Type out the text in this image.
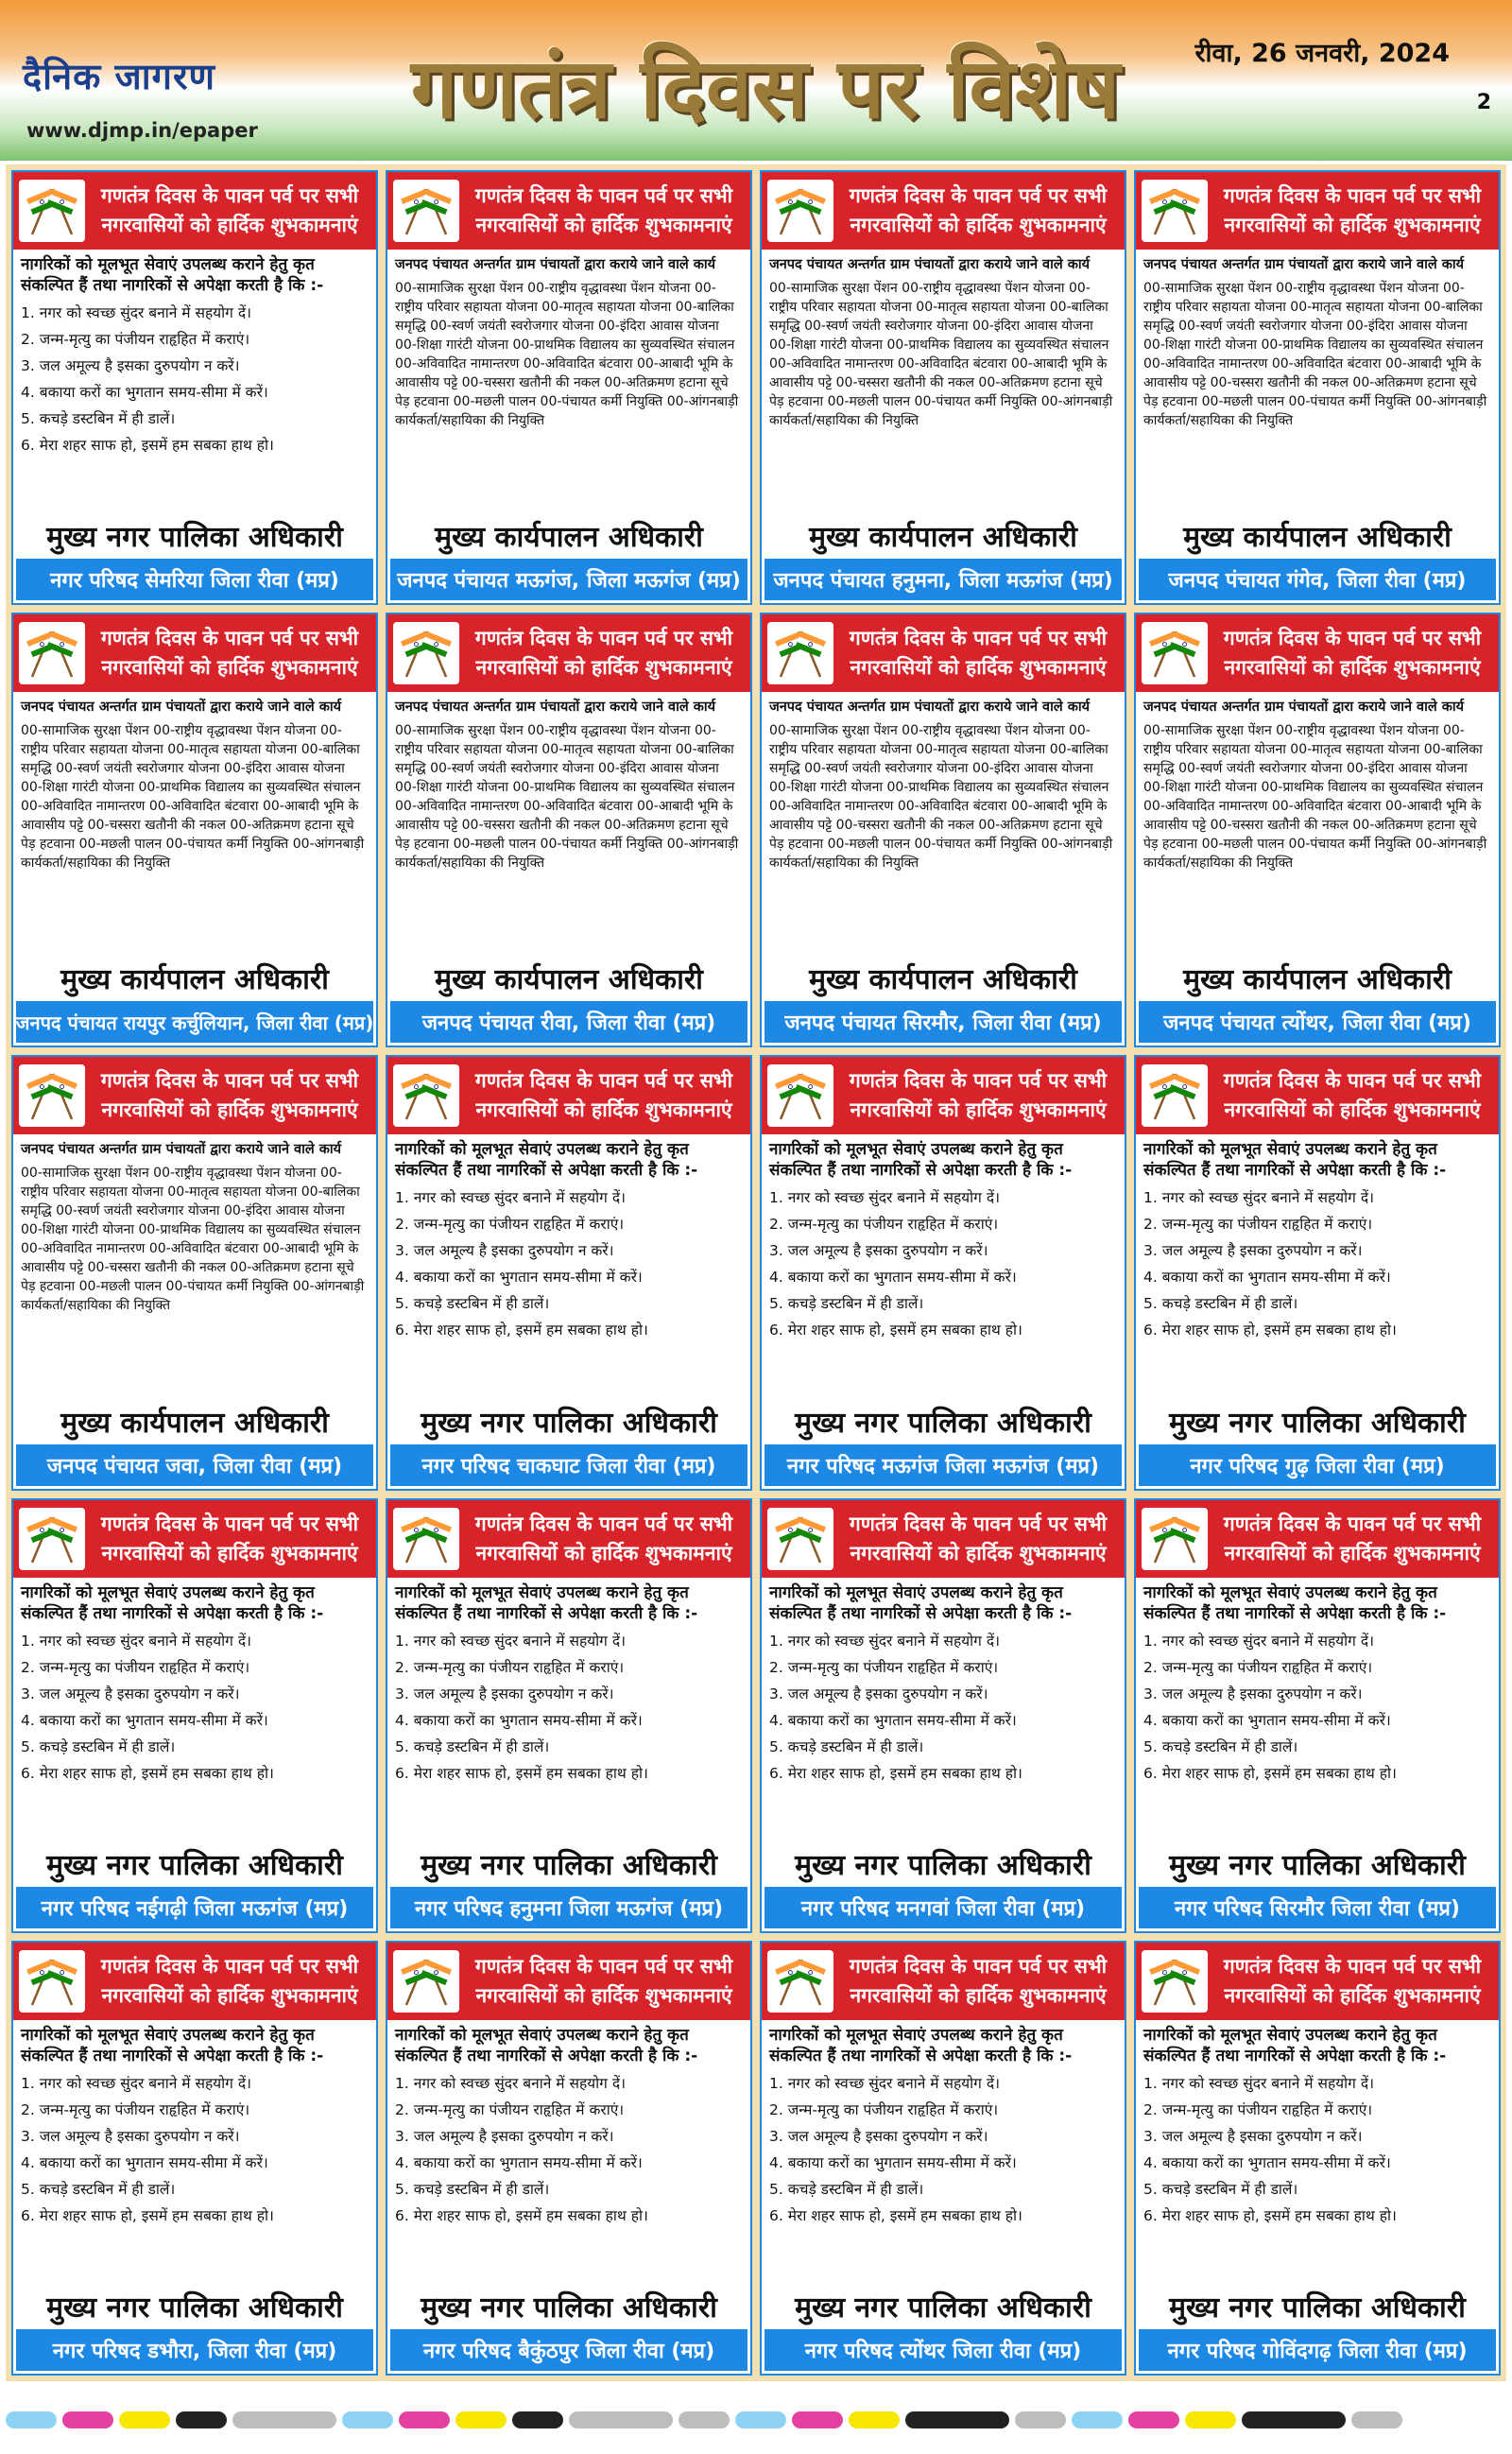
दैनिक जागरण
www.djmp.in/epaper	गणतंत्र दिवस पर विशेष	रीवा, 26 जनवरी, 2024
2
गणतंत्र दिवस के पावन पर्व पर सभी नगरवासियों को हार्दिक शुभकामनाएं

नागरिकों को मूलभूत सेवाएं उपलब्ध कराने हेतु कृत संकल्पित हैं तथा नागरिकों से अपेक्षा करती है कि :-

1. नगर को स्वच्छ सुंदर बनाने में सहयोग दें।
2. जन्म-मृत्यु का पंजीयन राहृहित में कराएं।
3. जल अमूल्य है इसका दुरुपयोग न करें।
4. बकाया करों का भुगतान समय-सीमा में करें।
5. कचड़े डस्टबिन में ही डालें।
6. मेरा शहर साफ हो, इसमें हम सबका हाथ हो।
मुख्य नगर पालिका अधिकारी
नगर परिषद सेमरिया जिला रीवा (मप्र)
गणतंत्र दिवस के पावन पर्व पर सभी नगरवासियों को हार्दिक शुभकामनाएं

जनपद पंचायत अन्तर्गत ग्राम पंचायतों द्वारा कराये जाने वाले कार्य

00-सामाजिक सुरक्षा पेंशन 00-राष्ट्रीय वृद्धावस्था पेंशन योजना 00-राष्ट्रीय परिवार सहायता योजना 00-मातृत्व सहायता योजना 00-बालिका समृद्धि 00-स्वर्ण जयंती स्वरोजगार योजना 00-इंदिरा आवास योजना 00-शिक्षा गारंटी योजना 00-प्राथमिक विद्यालय का सुव्यवस्थित संचालन 00-अविवादित नामान्तरण 00-अविवादित बंटवारा 00-आबादी भूमि के आवासीय पट्टे 00-चस्सरा खतौनी की नकल 00-अतिक्रमण हटाना सूचे पेड़ हटवाना 00-मछली पालन 00-पंचायत कर्मी नियुक्ति 00-आंगनबाड़ी कार्यकर्ता/सहायिका की नियुक्ति

मुख्य कार्यपालन अधिकारी
जनपद पंचायत मऊगंज, जिला मऊगंज (मप्र)
गणतंत्र दिवस के पावन पर्व पर सभी नगरवासियों को हार्दिक शुभकामनाएं

जनपद पंचायत अन्तर्गत ग्राम पंचायतों द्वारा कराये जाने वाले कार्य

00-सामाजिक सुरक्षा पेंशन 00-राष्ट्रीय वृद्धावस्था पेंशन योजना 00-राष्ट्रीय परिवार सहायता योजना 00-मातृत्व सहायता योजना 00-बालिका समृद्धि 00-स्वर्ण जयंती स्वरोजगार योजना 00-इंदिरा आवास योजना 00-शिक्षा गारंटी योजना 00-प्राथमिक विद्यालय का सुव्यवस्थित संचालन 00-अविवादित नामान्तरण 00-अविवादित बंटवारा 00-आबादी भूमि के आवासीय पट्टे 00-चस्सरा खतौनी की नकल 00-अतिक्रमण हटाना सूचे पेड़ हटवाना 00-मछली पालन 00-पंचायत कर्मी नियुक्ति 00-आंगनबाड़ी कार्यकर्ता/सहायिका की नियुक्ति

मुख्य कार्यपालन अधिकारी
जनपद पंचायत हनुमना, जिला मऊगंज (मप्र)
गणतंत्र दिवस के पावन पर्व पर सभी नगरवासियों को हार्दिक शुभकामनाएं

जनपद पंचायत अन्तर्गत ग्राम पंचायतों द्वारा कराये जाने वाले कार्य

00-सामाजिक सुरक्षा पेंशन 00-राष्ट्रीय वृद्धावस्था पेंशन योजना 00-राष्ट्रीय परिवार सहायता योजना 00-मातृत्व सहायता योजना 00-बालिका समृद्धि 00-स्वर्ण जयंती स्वरोजगार योजना 00-इंदिरा आवास योजना 00-शिक्षा गारंटी योजना 00-प्राथमिक विद्यालय का सुव्यवस्थित संचालन 00-अविवादित नामान्तरण 00-अविवादित बंटवारा 00-आबादी भूमि के आवासीय पट्टे 00-चस्सरा खतौनी की नकल 00-अतिक्रमण हटाना सूचे पेड़ हटवाना 00-मछली पालन 00-पंचायत कर्मी नियुक्ति 00-आंगनबाड़ी कार्यकर्ता/सहायिका की नियुक्ति

मुख्य कार्यपालन अधिकारी
जनपद पंचायत गंगेव, जिला रीवा (मप्र)
गणतंत्र दिवस के पावन पर्व पर सभी नगरवासियों को हार्दिक शुभकामनाएं

जनपद पंचायत अन्तर्गत ग्राम पंचायतों द्वारा कराये जाने वाले कार्य

00-सामाजिक सुरक्षा पेंशन 00-राष्ट्रीय वृद्धावस्था पेंशन योजना 00-राष्ट्रीय परिवार सहायता योजना 00-मातृत्व सहायता योजना 00-बालिका समृद्धि 00-स्वर्ण जयंती स्वरोजगार योजना 00-इंदिरा आवास योजना 00-शिक्षा गारंटी योजना 00-प्राथमिक विद्यालय का सुव्यवस्थित संचालन 00-अविवादित नामान्तरण 00-अविवादित बंटवारा 00-आबादी भूमि के आवासीय पट्टे 00-चस्सरा खतौनी की नकल 00-अतिक्रमण हटाना सूचे पेड़ हटवाना 00-मछली पालन 00-पंचायत कर्मी नियुक्ति 00-आंगनबाड़ी कार्यकर्ता/सहायिका की नियुक्ति

मुख्य कार्यपालन अधिकारी
जनपद पंचायत रायपुर कर्चुलियान, जिला रीवा (मप्र)
गणतंत्र दिवस के पावन पर्व पर सभी नगरवासियों को हार्दिक शुभकामनाएं

जनपद पंचायत अन्तर्गत ग्राम पंचायतों द्वारा कराये जाने वाले कार्य

00-सामाजिक सुरक्षा पेंशन 00-राष्ट्रीय वृद्धावस्था पेंशन योजना 00-राष्ट्रीय परिवार सहायता योजना 00-मातृत्व सहायता योजना 00-बालिका समृद्धि 00-स्वर्ण जयंती स्वरोजगार योजना 00-इंदिरा आवास योजना 00-शिक्षा गारंटी योजना 00-प्राथमिक विद्यालय का सुव्यवस्थित संचालन 00-अविवादित नामान्तरण 00-अविवादित बंटवारा 00-आबादी भूमि के आवासीय पट्टे 00-चस्सरा खतौनी की नकल 00-अतिक्रमण हटाना सूचे पेड़ हटवाना 00-मछली पालन 00-पंचायत कर्मी नियुक्ति 00-आंगनबाड़ी कार्यकर्ता/सहायिका की नियुक्ति

मुख्य कार्यपालन अधिकारी
जनपद पंचायत रीवा, जिला रीवा (मप्र)
गणतंत्र दिवस के पावन पर्व पर सभी नगरवासियों को हार्दिक शुभकामनाएं

जनपद पंचायत अन्तर्गत ग्राम पंचायतों द्वारा कराये जाने वाले कार्य

00-सामाजिक सुरक्षा पेंशन 00-राष्ट्रीय वृद्धावस्था पेंशन योजना 00-राष्ट्रीय परिवार सहायता योजना 00-मातृत्व सहायता योजना 00-बालिका समृद्धि 00-स्वर्ण जयंती स्वरोजगार योजना 00-इंदिरा आवास योजना 00-शिक्षा गारंटी योजना 00-प्राथमिक विद्यालय का सुव्यवस्थित संचालन 00-अविवादित नामान्तरण 00-अविवादित बंटवारा 00-आबादी भूमि के आवासीय पट्टे 00-चस्सरा खतौनी की नकल 00-अतिक्रमण हटाना सूचे पेड़ हटवाना 00-मछली पालन 00-पंचायत कर्मी नियुक्ति 00-आंगनबाड़ी कार्यकर्ता/सहायिका की नियुक्ति

मुख्य कार्यपालन अधिकारी
जनपद पंचायत सिरमौर, जिला रीवा (मप्र)
गणतंत्र दिवस के पावन पर्व पर सभी नगरवासियों को हार्दिक शुभकामनाएं

जनपद पंचायत अन्तर्गत ग्राम पंचायतों द्वारा कराये जाने वाले कार्य

00-सामाजिक सुरक्षा पेंशन 00-राष्ट्रीय वृद्धावस्था पेंशन योजना 00-राष्ट्रीय परिवार सहायता योजना 00-मातृत्व सहायता योजना 00-बालिका समृद्धि 00-स्वर्ण जयंती स्वरोजगार योजना 00-इंदिरा आवास योजना 00-शिक्षा गारंटी योजना 00-प्राथमिक विद्यालय का सुव्यवस्थित संचालन 00-अविवादित नामान्तरण 00-अविवादित बंटवारा 00-आबादी भूमि के आवासीय पट्टे 00-चस्सरा खतौनी की नकल 00-अतिक्रमण हटाना सूचे पेड़ हटवाना 00-मछली पालन 00-पंचायत कर्मी नियुक्ति 00-आंगनबाड़ी कार्यकर्ता/सहायिका की नियुक्ति

मुख्य कार्यपालन अधिकारी
जनपद पंचायत त्योंथर, जिला रीवा (मप्र)
गणतंत्र दिवस के पावन पर्व पर सभी नगरवासियों को हार्दिक शुभकामनाएं

जनपद पंचायत अन्तर्गत ग्राम पंचायतों द्वारा कराये जाने वाले कार्य

00-सामाजिक सुरक्षा पेंशन 00-राष्ट्रीय वृद्धावस्था पेंशन योजना 00-राष्ट्रीय परिवार सहायता योजना 00-मातृत्व सहायता योजना 00-बालिका समृद्धि 00-स्वर्ण जयंती स्वरोजगार योजना 00-इंदिरा आवास योजना 00-शिक्षा गारंटी योजना 00-प्राथमिक विद्यालय का सुव्यवस्थित संचालन 00-अविवादित नामान्तरण 00-अविवादित बंटवारा 00-आबादी भूमि के आवासीय पट्टे 00-चस्सरा खतौनी की नकल 00-अतिक्रमण हटाना सूचे पेड़ हटवाना 00-मछली पालन 00-पंचायत कर्मी नियुक्ति 00-आंगनबाड़ी कार्यकर्ता/सहायिका की नियुक्ति

मुख्य कार्यपालन अधिकारी
जनपद पंचायत जवा, जिला रीवा (मप्र)
गणतंत्र दिवस के पावन पर्व पर सभी नगरवासियों को हार्दिक शुभकामनाएं

नागरिकों को मूलभूत सेवाएं उपलब्ध कराने हेतु कृत संकल्पित हैं तथा नागरिकों से अपेक्षा करती है कि :-

1. नगर को स्वच्छ सुंदर बनाने में सहयोग दें।
2. जन्म-मृत्यु का पंजीयन राहृहित में कराएं।
3. जल अमूल्य है इसका दुरुपयोग न करें।
4. बकाया करों का भुगतान समय-सीमा में करें।
5. कचड़े डस्टबिन में ही डालें।
6. मेरा शहर साफ हो, इसमें हम सबका हाथ हो।
मुख्य नगर पालिका अधिकारी
नगर परिषद चाकघाट जिला रीवा (मप्र)
गणतंत्र दिवस के पावन पर्व पर सभी नगरवासियों को हार्दिक शुभकामनाएं

नागरिकों को मूलभूत सेवाएं उपलब्ध कराने हेतु कृत संकल्पित हैं तथा नागरिकों से अपेक्षा करती है कि :-

1. नगर को स्वच्छ सुंदर बनाने में सहयोग दें।
2. जन्म-मृत्यु का पंजीयन राहृहित में कराएं।
3. जल अमूल्य है इसका दुरुपयोग न करें।
4. बकाया करों का भुगतान समय-सीमा में करें।
5. कचड़े डस्टबिन में ही डालें।
6. मेरा शहर साफ हो, इसमें हम सबका हाथ हो।
मुख्य नगर पालिका अधिकारी
नगर परिषद मऊगंज जिला मऊगंज (मप्र)
गणतंत्र दिवस के पावन पर्व पर सभी नगरवासियों को हार्दिक शुभकामनाएं

नागरिकों को मूलभूत सेवाएं उपलब्ध कराने हेतु कृत संकल्पित हैं तथा नागरिकों से अपेक्षा करती है कि :-

1. नगर को स्वच्छ सुंदर बनाने में सहयोग दें।
2. जन्म-मृत्यु का पंजीयन राहृहित में कराएं।
3. जल अमूल्य है इसका दुरुपयोग न करें।
4. बकाया करों का भुगतान समय-सीमा में करें।
5. कचड़े डस्टबिन में ही डालें।
6. मेरा शहर साफ हो, इसमें हम सबका हाथ हो।
मुख्य नगर पालिका अधिकारी
नगर परिषद गुढ़ जिला रीवा (मप्र)
गणतंत्र दिवस के पावन पर्व पर सभी नगरवासियों को हार्दिक शुभकामनाएं

नागरिकों को मूलभूत सेवाएं उपलब्ध कराने हेतु कृत संकल्पित हैं तथा नागरिकों से अपेक्षा करती है कि :-

1. नगर को स्वच्छ सुंदर बनाने में सहयोग दें।
2. जन्म-मृत्यु का पंजीयन राहृहित में कराएं।
3. जल अमूल्य है इसका दुरुपयोग न करें।
4. बकाया करों का भुगतान समय-सीमा में करें।
5. कचड़े डस्टबिन में ही डालें।
6. मेरा शहर साफ हो, इसमें हम सबका हाथ हो।
मुख्य नगर पालिका अधिकारी
नगर परिषद नईगढ़ी जिला मऊगंज (मप्र)
गणतंत्र दिवस के पावन पर्व पर सभी नगरवासियों को हार्दिक शुभकामनाएं

नागरिकों को मूलभूत सेवाएं उपलब्ध कराने हेतु कृत संकल्पित हैं तथा नागरिकों से अपेक्षा करती है कि :-

1. नगर को स्वच्छ सुंदर बनाने में सहयोग दें।
2. जन्म-मृत्यु का पंजीयन राहृहित में कराएं।
3. जल अमूल्य है इसका दुरुपयोग न करें।
4. बकाया करों का भुगतान समय-सीमा में करें।
5. कचड़े डस्टबिन में ही डालें।
6. मेरा शहर साफ हो, इसमें हम सबका हाथ हो।
मुख्य नगर पालिका अधिकारी
नगर परिषद हनुमना जिला मऊगंज (मप्र)
गणतंत्र दिवस के पावन पर्व पर सभी नगरवासियों को हार्दिक शुभकामनाएं

नागरिकों को मूलभूत सेवाएं उपलब्ध कराने हेतु कृत संकल्पित हैं तथा नागरिकों से अपेक्षा करती है कि :-

1. नगर को स्वच्छ सुंदर बनाने में सहयोग दें।
2. जन्म-मृत्यु का पंजीयन राहृहित में कराएं।
3. जल अमूल्य है इसका दुरुपयोग न करें।
4. बकाया करों का भुगतान समय-सीमा में करें।
5. कचड़े डस्टबिन में ही डालें।
6. मेरा शहर साफ हो, इसमें हम सबका हाथ हो।
मुख्य नगर पालिका अधिकारी
नगर परिषद मनगवां जिला रीवा (मप्र)
गणतंत्र दिवस के पावन पर्व पर सभी नगरवासियों को हार्दिक शुभकामनाएं

नागरिकों को मूलभूत सेवाएं उपलब्ध कराने हेतु कृत संकल्पित हैं तथा नागरिकों से अपेक्षा करती है कि :-

1. नगर को स्वच्छ सुंदर बनाने में सहयोग दें।
2. जन्म-मृत्यु का पंजीयन राहृहित में कराएं।
3. जल अमूल्य है इसका दुरुपयोग न करें।
4. बकाया करों का भुगतान समय-सीमा में करें।
5. कचड़े डस्टबिन में ही डालें।
6. मेरा शहर साफ हो, इसमें हम सबका हाथ हो।
मुख्य नगर पालिका अधिकारी
नगर परिषद सिरमौर जिला रीवा (मप्र)
गणतंत्र दिवस के पावन पर्व पर सभी नगरवासियों को हार्दिक शुभकामनाएं

नागरिकों को मूलभूत सेवाएं उपलब्ध कराने हेतु कृत संकल्पित हैं तथा नागरिकों से अपेक्षा करती है कि :-

1. नगर को स्वच्छ सुंदर बनाने में सहयोग दें।
2. जन्म-मृत्यु का पंजीयन राहृहित में कराएं।
3. जल अमूल्य है इसका दुरुपयोग न करें।
4. बकाया करों का भुगतान समय-सीमा में करें।
5. कचड़े डस्टबिन में ही डालें।
6. मेरा शहर साफ हो, इसमें हम सबका हाथ हो।
मुख्य नगर पालिका अधिकारी
नगर परिषद डभौरा, जिला रीवा (मप्र)
गणतंत्र दिवस के पावन पर्व पर सभी नगरवासियों को हार्दिक शुभकामनाएं

नागरिकों को मूलभूत सेवाएं उपलब्ध कराने हेतु कृत संकल्पित हैं तथा नागरिकों से अपेक्षा करती है कि :-

1. नगर को स्वच्छ सुंदर बनाने में सहयोग दें।
2. जन्म-मृत्यु का पंजीयन राहृहित में कराएं।
3. जल अमूल्य है इसका दुरुपयोग न करें।
4. बकाया करों का भुगतान समय-सीमा में करें।
5. कचड़े डस्टबिन में ही डालें।
6. मेरा शहर साफ हो, इसमें हम सबका हाथ हो।
मुख्य नगर पालिका अधिकारी
नगर परिषद बैकुंठपुर जिला रीवा (मप्र)
गणतंत्र दिवस के पावन पर्व पर सभी नगरवासियों को हार्दिक शुभकामनाएं

नागरिकों को मूलभूत सेवाएं उपलब्ध कराने हेतु कृत संकल्पित हैं तथा नागरिकों से अपेक्षा करती है कि :-

1. नगर को स्वच्छ सुंदर बनाने में सहयोग दें।
2. जन्म-मृत्यु का पंजीयन राहृहित में कराएं।
3. जल अमूल्य है इसका दुरुपयोग न करें।
4. बकाया करों का भुगतान समय-सीमा में करें।
5. कचड़े डस्टबिन में ही डालें।
6. मेरा शहर साफ हो, इसमें हम सबका हाथ हो।
मुख्य नगर पालिका अधिकारी
नगर परिषद त्योंथर जिला रीवा (मप्र)
गणतंत्र दिवस के पावन पर्व पर सभी नगरवासियों को हार्दिक शुभकामनाएं

नागरिकों को मूलभूत सेवाएं उपलब्ध कराने हेतु कृत संकल्पित हैं तथा नागरिकों से अपेक्षा करती है कि :-

1. नगर को स्वच्छ सुंदर बनाने में सहयोग दें।
2. जन्म-मृत्यु का पंजीयन राहृहित में कराएं।
3. जल अमूल्य है इसका दुरुपयोग न करें।
4. बकाया करों का भुगतान समय-सीमा में करें।
5. कचड़े डस्टबिन में ही डालें।
6. मेरा शहर साफ हो, इसमें हम सबका हाथ हो।
मुख्य नगर पालिका अधिकारी
नगर परिषद गोविंदगढ़ जिला रीवा (मप्र)
